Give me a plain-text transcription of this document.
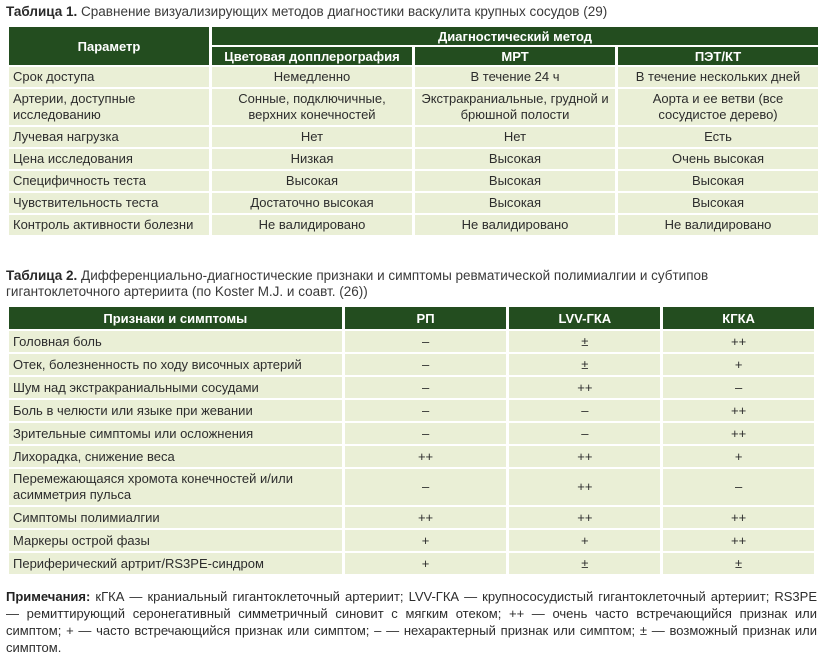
Таблица 1. Сравнение визуализирующих методов диагностики васкулита крупных сосудов (29)
Параметр	Диагностический метод		
	Цветовая допплерография	МРТ	ПЭТ/КТ
Срок доступа	Немедленно	В течение 24 ч	В течение нескольких дней
Артерии, доступные исследованию	Сонные, подключичные, верхних конечностей	Экстракраниальные, грудной и брюшной полости	Аорта и ее ветви (все сосудистое дерево)
Лучевая нагрузка	Нет	Нет	Есть
Цена исследования	Низкая	Высокая	Очень высокая
Специфичность теста	Высокая	Высокая	Высокая
Чувствительность теста	Достаточно высокая	Высокая	Высокая
Контроль активности болезни	Не валидировано	Не валидировано	Не валидировано
Таблица 2. Дифференциально-диагностические признаки и симптомы ревматической полимиалгии и субтипов гигантоклеточного артериита (по Koster M.J. и соавт. (26))
Признаки и симптомы	РП	LVV-ГКА	КГКА
Головная боль	–	±	++
Отек, болезненность по ходу височных артерий	–	±	+
Шум над экстракраниальными сосудами	–	++	–
Боль в челюсти или языке при жевании	–	–	++
Зрительные симптомы или осложнения	–	–	++
Лихорадка, снижение веса	++	++	+
Перемежающаяся хромота конечностей и/или асимметрия пульса	–	++	–
Симптомы полимиалгии	++	++	++
Маркеры острой фазы	+	+	++
Периферический артрит/RS3PE-синдром	+	±	±
Примечания: кГКА — краниальный гигантоклеточный артериит; LVV-ГКА — крупнососудистый гигантоклеточный артериит; RS3PE — ремиттирующий серонегативный симметричный синовит с мягким отеком; ++ — очень часто встречающийся признак или симптом; + — часто встречающийся признак или симптом; – — нехарактерный признак или симптом; ± — возможный признак или симптом.
